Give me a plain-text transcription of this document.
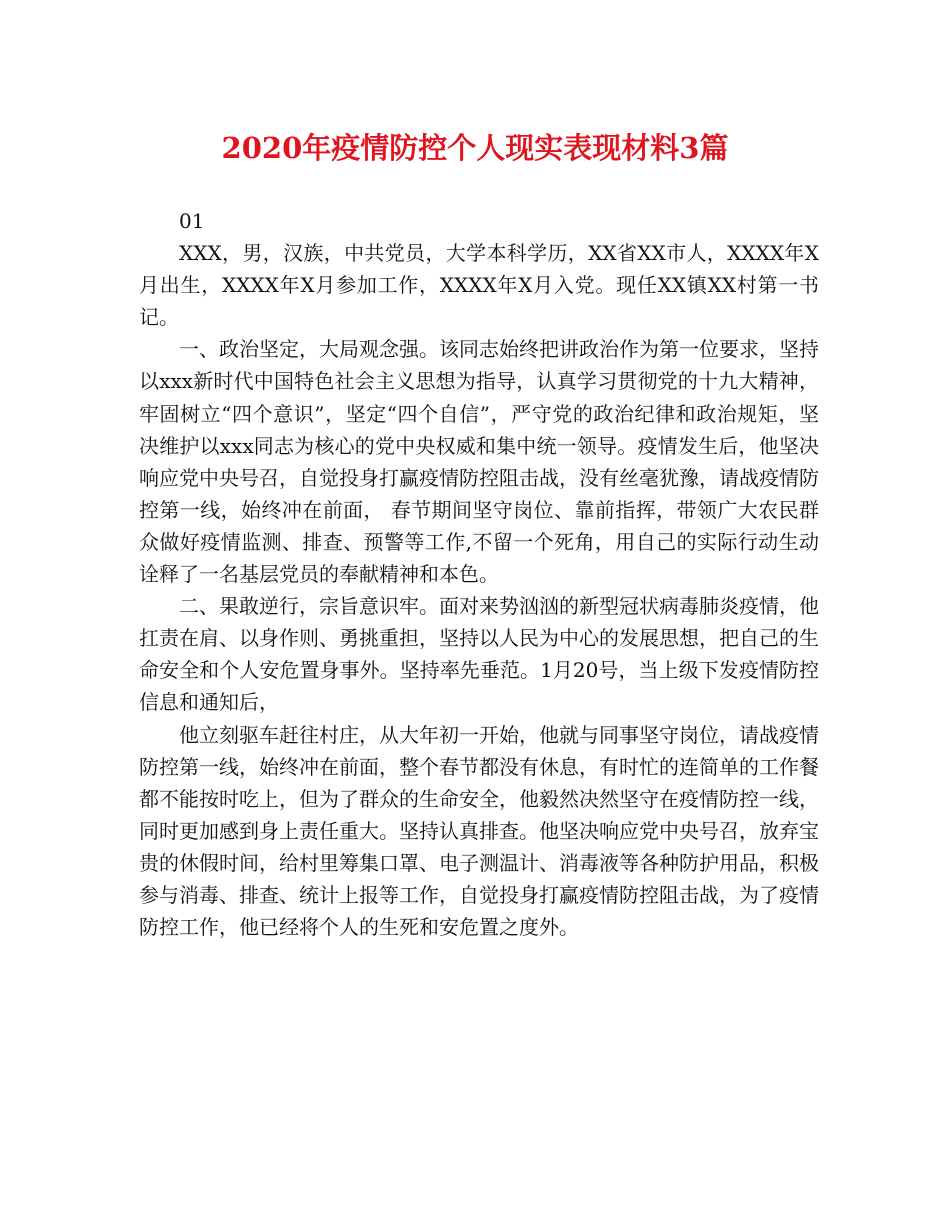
2020年疫情防控个人现实表现材料3篇

01

XXX，男，汉族，中共党员，大学本科学历，XX省XX市人，XXXX年X月出生，XXXX年X月参加工作，XXXX年X月入党。现任XX镇XX村第一书记。

一、政治坚定，大局观念强。该同志始终把讲政治作为第一位要求，坚持以xxx新时代中国特色社会主义思想为指导，认真学习贯彻党的十九大精神，牢固树立“四个意识”，坚定“四个自信”，严守党的政治纪律和政治规矩，坚决维护以xxx同志为核心的党中央权威和集中统一领导。疫情发生后，他坚决响应党中央号召，自觉投身打赢疫情防控阻击战，没有丝毫犹豫，请战疫情防控第一线，始终冲在前面， 春节期间坚守岗位、靠前指挥，带领广大农民群众做好疫情监测、排查、预警等工作,不留一个死角，用自己的实际行动生动诠释了一名基层党员的奉献精神和本色。

二、果敢逆行，宗旨意识牢。面对来势汹汹的新型冠状病毒肺炎疫情，他扛责在肩、以身作则、勇挑重担，坚持以人民为中心的发展思想，把自己的生命安全和个人安危置身事外。坚持率先垂范。1月20号，当上级下发疫情防控信息和通知后，

他立刻驱车赶往村庄，从大年初一开始，他就与同事坚守岗位，请战疫情防控第一线，始终冲在前面，整个春节都没有休息，有时忙的连简单的工作餐都不能按时吃上，但为了群众的生命安全，他毅然决然坚守在疫情防控一线，同时更加感到身上责任重大。坚持认真排查。他坚决响应党中央号召，放弃宝贵的休假时间，给村里筹集口罩、电子测温计、消毒液等各种防护用品，积极参与消毒、排查、统计上报等工作，自觉投身打赢疫情防控阻击战，为了疫情防控工作，他已经将个人的生死和安危置之度外。
